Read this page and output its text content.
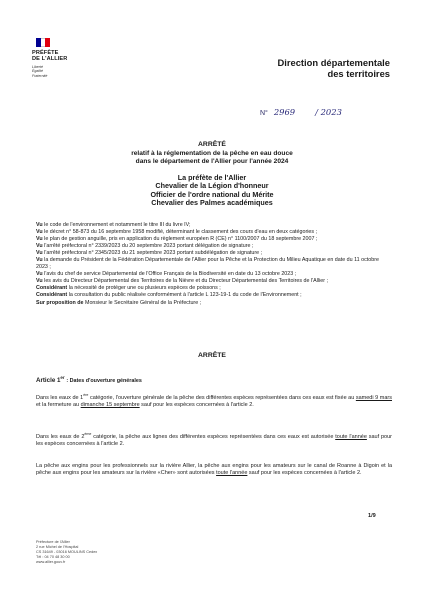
PRÉFÈTE
DE L'ALLIER
Liberté
Égalité
Fraternité
Direction départementale
des territoires
N° 2969 / 2023
ARRÊTÉ
relatif à la réglementation de la pêche en eau douce
dans le département de l'Allier pour l'année 2024
La préfète de l'Allier
Chevalier de la Légion d'honneur
Officier de l'ordre national du Mérite
Chevalier des Palmes académiques

Vu le code de l'environnement et notamment le titre III du livre IV;

Vu le décret n° 58-873 du 16 septembre 1958 modifié, déterminant le classement des cours d'eau en deux catégories ;

Vu le plan de gestion anguille, pris en application du règlement européen R (CE) n° 1100/2007 du 18 septembre 2007 ;

Vu l'arrêté préfectoral n° 2339/2023 du 20 septembre 2023 portant délégation de signature ;

Vu l'arrêté préfectoral n° 2345/2023 du 21 septembre 2023 portant subdélégation de signature ;

Vu la demande du Président de la Fédération Départementale de l'Allier pour la Pêche et la Protection du Milieu Aquatique en date du 11 octobre 2023 ;

Vu l'avis du chef de service Départemental de l'Office Français de la Biodiversité en date du 13 octobre 2023 ;

Vu les avis du Directeur Départemental des Territoires de la Nièvre et du Directeur Départemental des Territoires de l'Allier ;

Considérant la nécessité de protéger une ou plusieurs espèces de poissons ;

Considérant la consultation du public réalisée conformément à l'article L 123-19-1 du code de l'Environnement ;

Sur proposition de Monsieur le Secrétaire Général de la Préfecture ;

ARRÊTE
Article 1er : Dates d'ouverture générales

Dans les eaux de 1ère catégorie, l'ouverture générale de la pêche des différentes espèces représentées dans ces eaux est fixée au samedi 9 mars et la fermeture au dimanche 15 septembre sauf pour les espèces concernées à l'article 2.

Dans les eaux de 2ème catégorie, la pêche aux lignes des différentes espèces représentées dans ces eaux est autorisée toute l'année sauf pour les espèces concernées à l'article 2.

La pêche aux engins pour les professionnels sur la rivière Allier, la pêche aux engins pour les amateurs sur le canal de Roanne à Digoin et la pêche aux engins pour les amateurs sur la rivière «Cher» sont autorisées toute l'année sauf pour les espèces concernées à l'article 2.

1/9
Préfecture de l'Allier
2 rue Michel de l'Hospital
CS 31649 - 03016 MOULINS Cedex
Tél : 04 70 48 30 00
www.allier.gouv.fr
